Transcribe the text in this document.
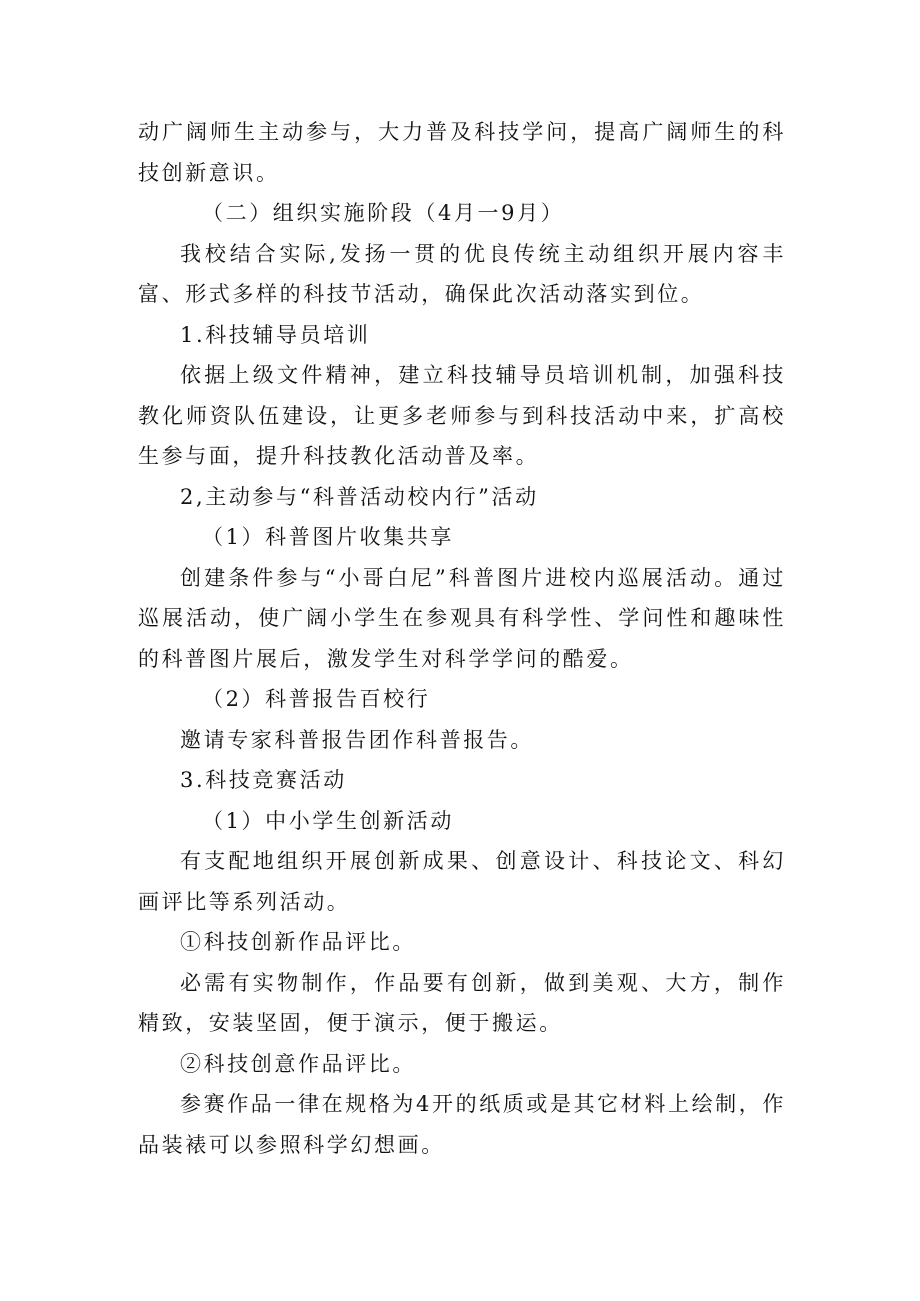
动广阔师生主动参与，大力普及科技学问，提高广阔师生的科技创新意识。

（二）组织实施阶段（4月一9月）

我校结合实际,发扬一贯的优良传统主动组织开展内容丰富、形式多样的科技节活动，确保此次活动落实到位。

1.科技辅导员培训

依据上级文件精神，建立科技辅导员培训机制，加强科技教化师资队伍建设，让更多老师参与到科技活动中来，扩高校生参与面，提升科技教化活动普及率。

2,主动参与“科普活动校内行”活动

（1）科普图片收集共享

创建条件参与“小哥白尼”科普图片进校内巡展活动。通过巡展活动，使广阔小学生在参观具有科学性、学问性和趣味性的科普图片展后，激发学生对科学学问的酷爱。

（2）科普报告百校行

邀请专家科普报告团作科普报告。

3.科技竞赛活动

（1）中小学生创新活动

有支配地组织开展创新成果、创意设计、科技论文、科幻画评比等系列活动。

①科技创新作品评比。

必需有实物制作，作品要有创新，做到美观、大方，制作精致，安装坚固，便于演示，便于搬运。

②科技创意作品评比。

参赛作品一律在规格为4开的纸质或是其它材料上绘制，作品装裱可以参照科学幻想画。
